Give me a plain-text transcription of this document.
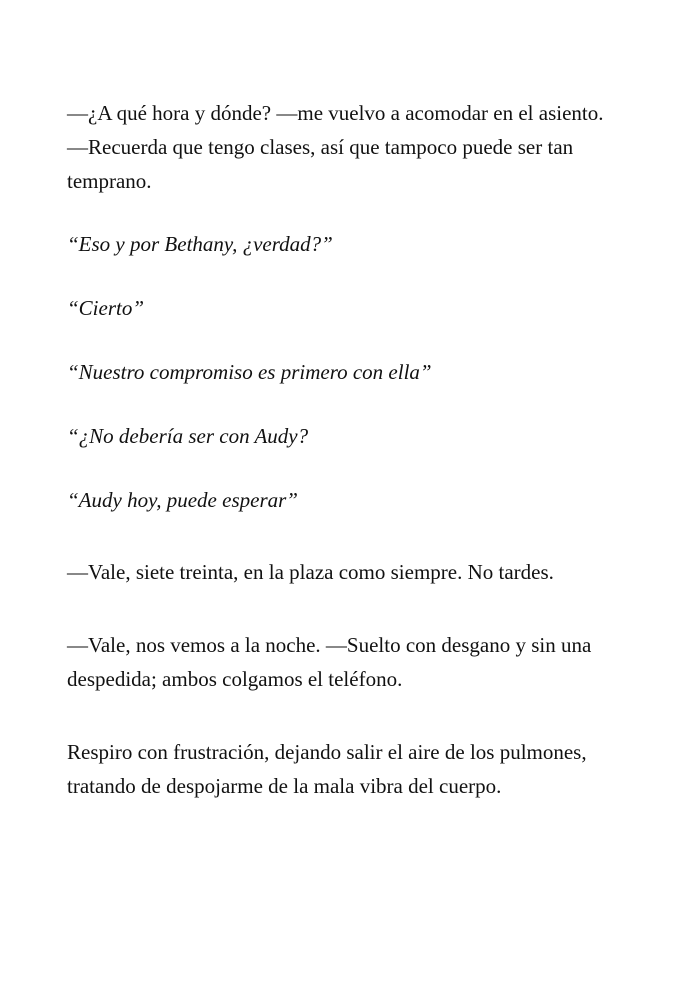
—¿A qué hora y dónde? —me vuelvo a acomodar en el asiento. —Recuerda que tengo clases, así que tampoco puede ser tan temprano.

“Eso y por Bethany, ¿verdad?”

“Cierto”

“Nuestro compromiso es primero con ella”

“¿No debería ser con Audy?

“Audy hoy, puede esperar”

—Vale, siete treinta, en la plaza como siempre. No tardes.

—Vale, nos vemos a la noche. —Suelto con desgano y sin una despedida; ambos colgamos el teléfono.

Respiro con frustración, dejando salir el aire de los pulmones, tratando de despojarme de la mala vibra del cuerpo.
